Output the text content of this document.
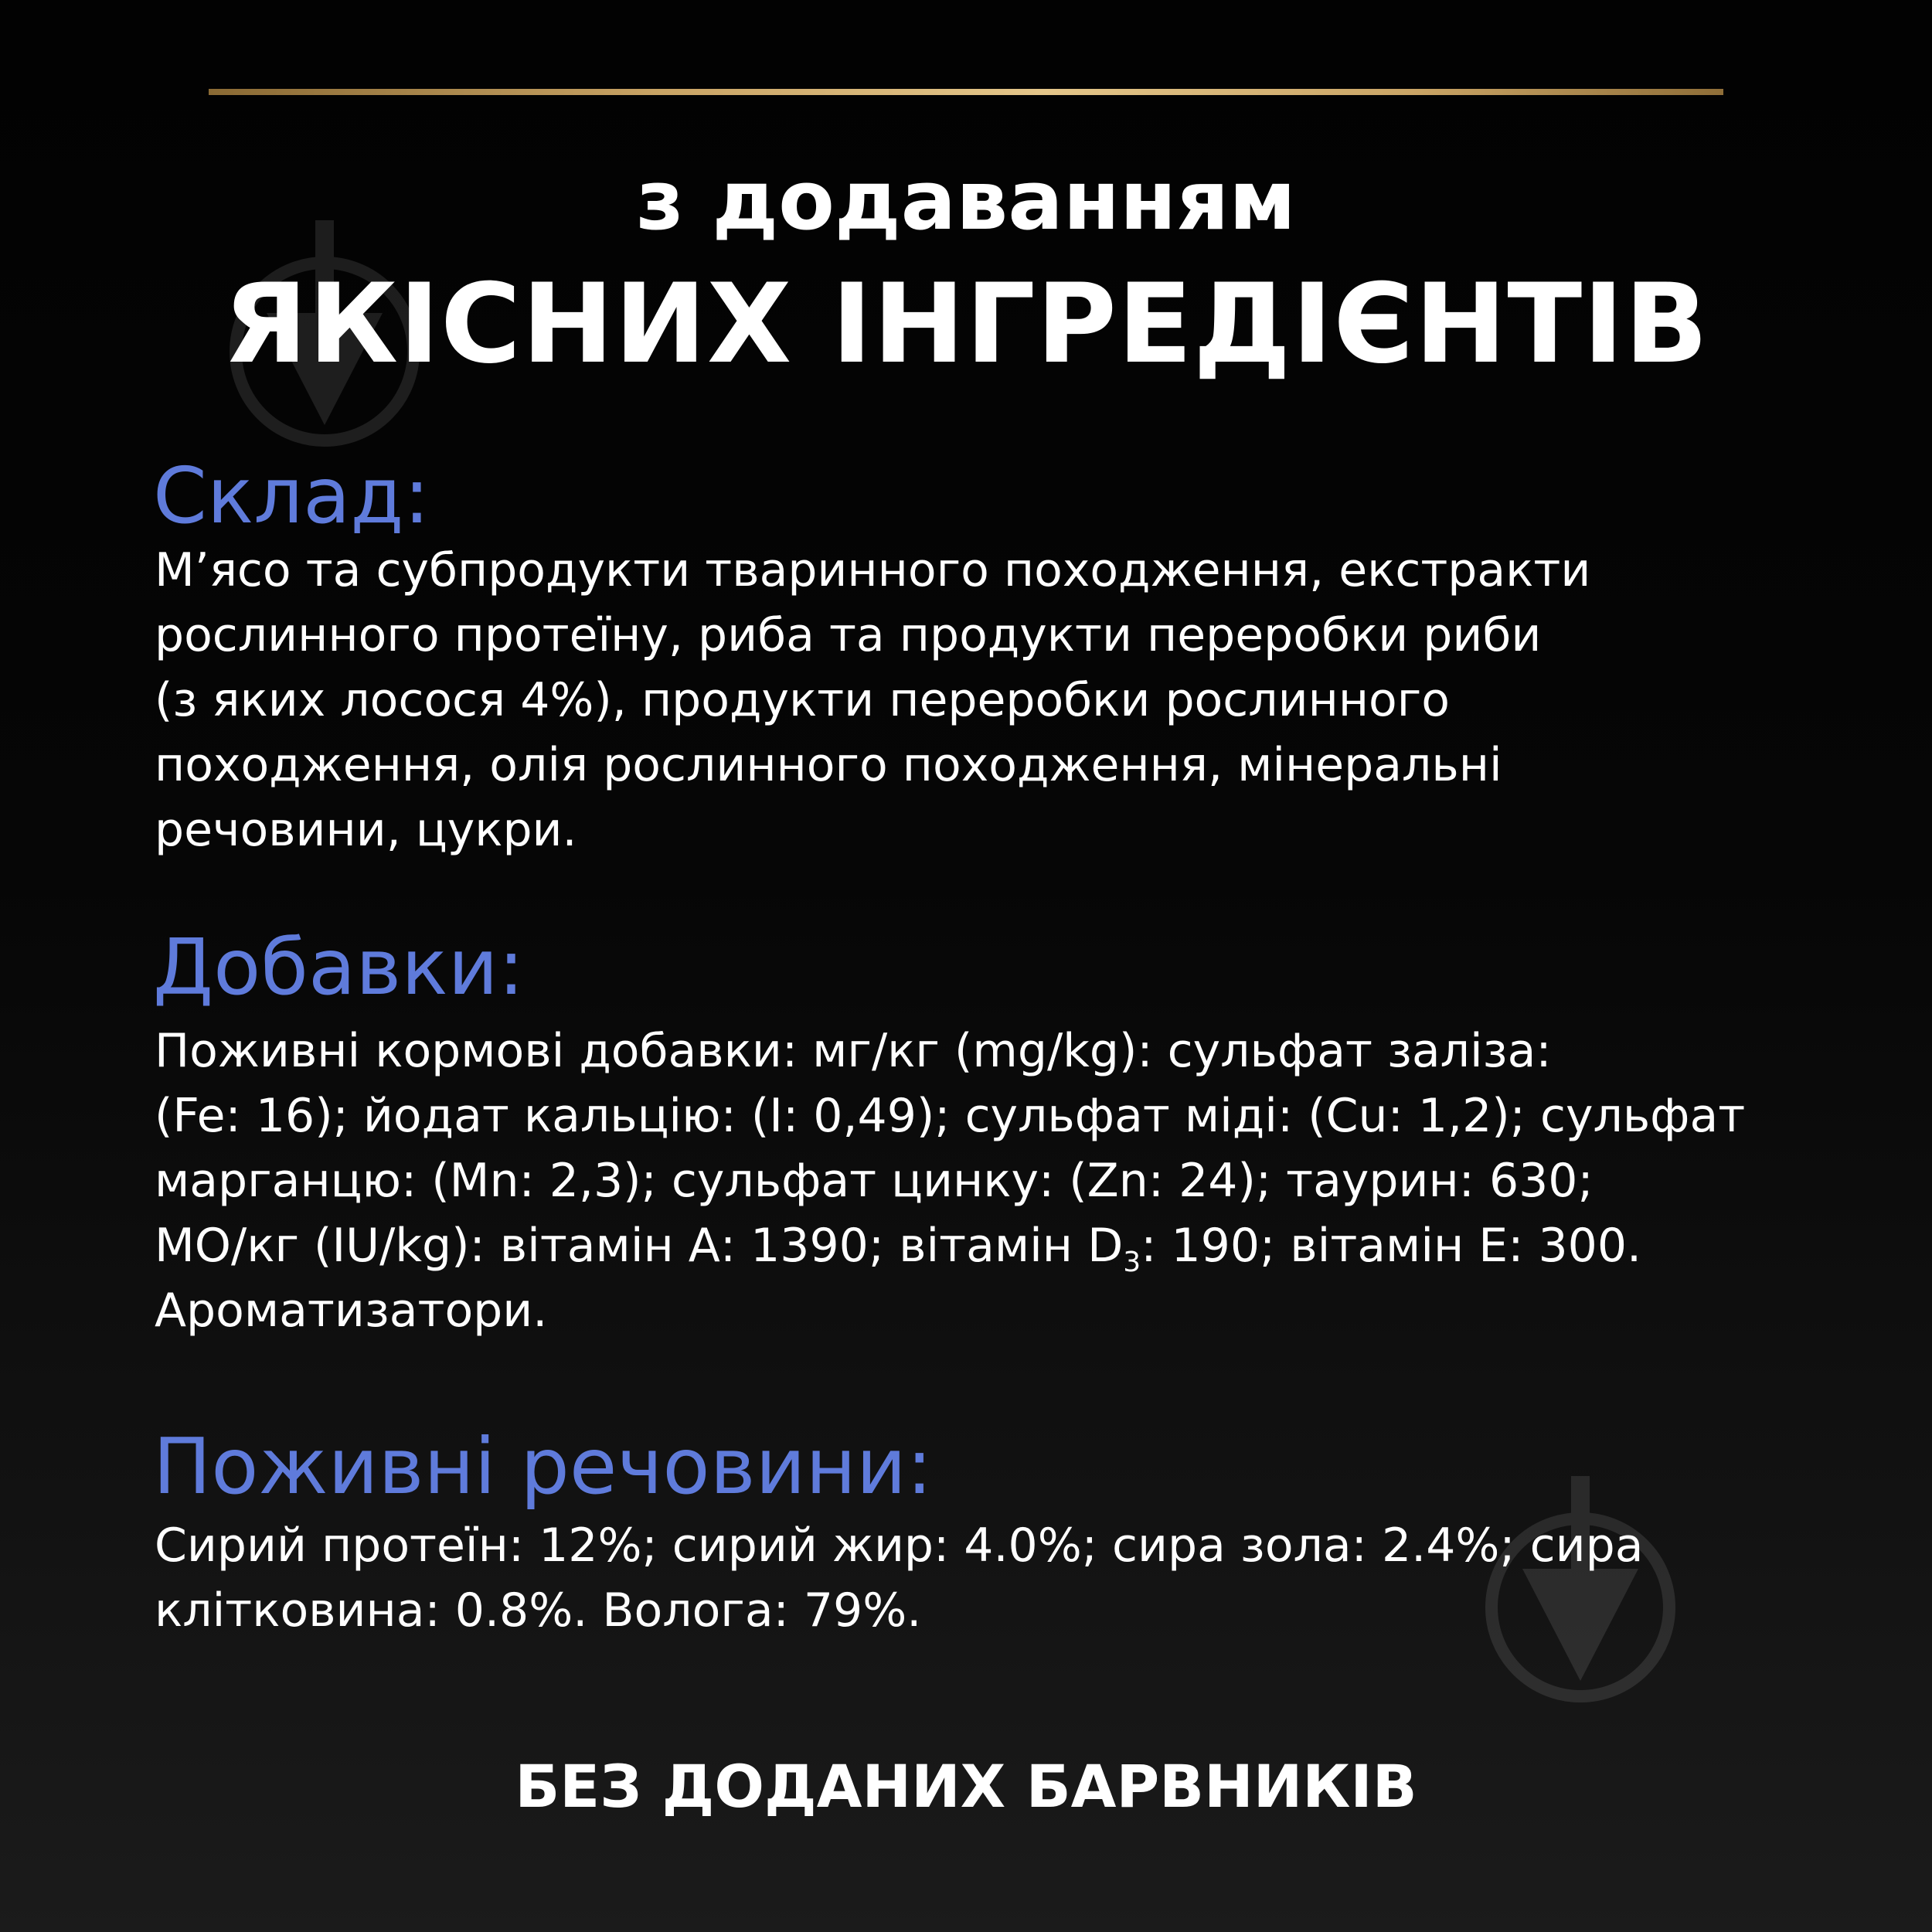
з додаванням
ЯКІСНИХ ІНГРЕДІЄНТІВ
Склад:

М’ясо та субпродукти тваринного походження, екстракти
рослинного протеїну, риба та продукти переробки риби
(з яких лосося 4%), продукти переробки рослинного
походження, олія рослинного походження, мінеральні
речовини, цукри.

Добавки:

Поживні кормові добавки: мг/кг (mg/kg): сульфат заліза:
(Fe: 16); йодат кальцію: (I: 0,49); сульфат міді: (Cu: 1,2); сульфат
марганцю: (Mn: 2,3); сульфат цинку: (Zn: 24); таурин: 630;
МО/кг (IU/kg): вітамін А: 1390; вітамін $D_3$: 190; вітамін Е: 300.
Ароматизатори.

Поживні речовини:

Сирий протеїн: 12%; сирий жир: 4.0%; сира зола: 2.4%; сира
клітковина: 0.8%. Волога: 79%.

БЕЗ ДОДАНИХ БАРВНИКІВ
